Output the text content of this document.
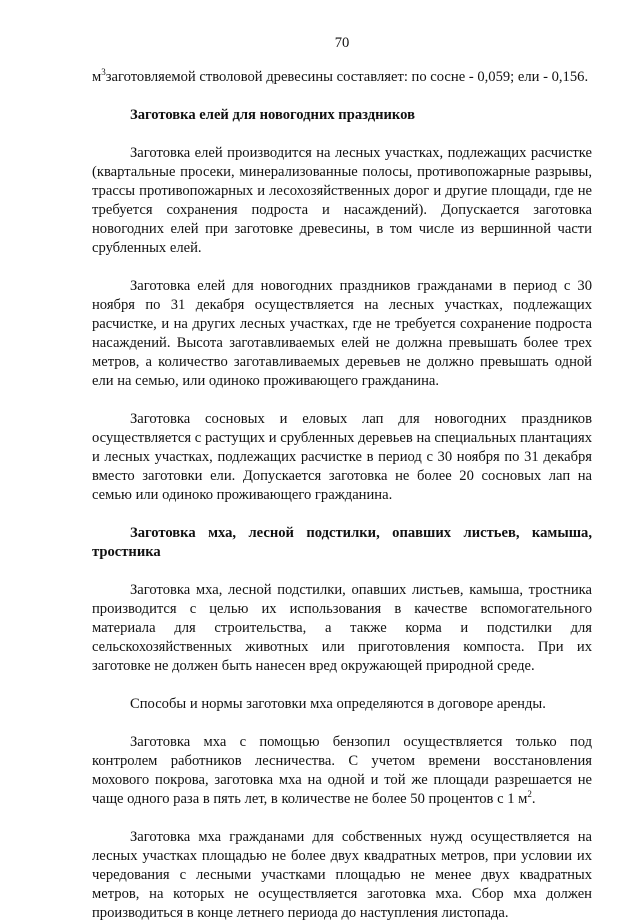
70

$м^3заготовляемой$ стволовой древесины составляет: по сосне - 0,059; ели - 0,156.

Заготовка елей для новогодних праздников

Заготовка елей производится на лесных участках, подлежащих расчистке (квартальные просеки, минерализованные полосы, противопожарные разрывы, трассы противопожарных и лесохозяйственных дорог и другие площади, где не требуется сохранения подроста и насаждений). Допускается заготовка новогодних елей при заготовке древесины, в том числе из вершинной части срубленных елей.

Заготовка елей для новогодних праздников гражданами в период с 30 ноября по 31 декабря осуществляется на лесных участках, подлежащих расчистке, и на других лесных участках, где не требуется сохранение подроста насаждений. Высота заготавливаемых елей не должна превышать более трех метров, а количество заготавливаемых деревьев не должно превышать одной ели на семью, или одиноко проживающего гражданина.

Заготовка сосновых и еловых лап для новогодних праздников осуществляется с растущих и срубленных деревьев на специальных плантациях и лесных участках, подлежащих расчистке в период с 30 ноября по 31 декабря вместо заготовки ели. Допускается заготовка не более 20 сосновых лап на семью или одиноко проживающего гражданина.

Заготовка мха, лесной подстилки, опавших листьев, камыша, тростника

Заготовка мха, лесной подстилки, опавших листьев, камыша, тростника производится с целью их использования в качестве вспомогательного материала для строительства, а также корма и подстилки для сельскохозяйственных животных или приготовления компоста. При их заготовке не должен быть нанесен вред окружающей природной среде.

Способы и нормы заготовки мха определяются в договоре аренды.

Заготовка мха с помощью бензопил осуществляется только под контролем работников лесничества. С учетом времени восстановления мохового покрова, заготовка мха на одной и той же площади разрешается не чаще одного раза в пять лет, в количестве не более 50 процентов с 1 $м^2$.

Заготовка мха гражданами для собственных нужд осуществляется на лесных участках площадью не более двух квадратных метров, при условии их чередования с лесными участками площадью не менее двух квадратных метров, на которых не осуществляется заготовка мха. Сбор мха должен производиться в конце летнего периода до наступления листопада.
